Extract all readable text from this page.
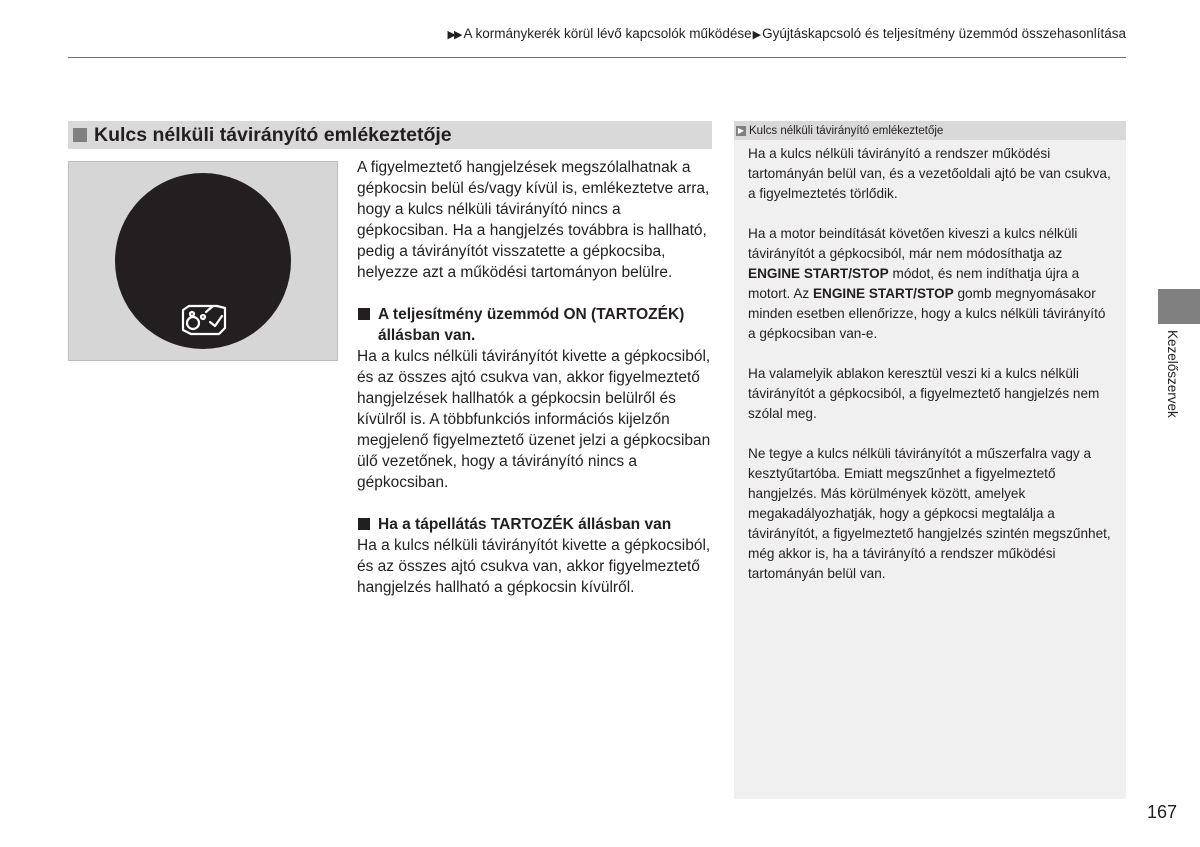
▶▶ A kormánykerék körül lévő kapcsolók működése▶Gyújtáskapcsoló és teljesítmény üzemmód összehasonlítása
Kulcs nélküli távirányító emlékeztetője

A figyelmeztető hangjelzések megszólalhatnak a gépkocsin belül és/vagy kívül is, emlékeztetve arra, hogy a kulcs nélküli távirányító nincs a gépkocsiban. Ha a hangjelzés továbbra is hallható, pedig a távirányítót visszatette a gépkocsiba, helyezze azt a működési tartományon belülre.

A teljesítmény üzemmód ON (TARTOZÉK) állásban van.

Ha a kulcs nélküli távirányítót kivette a gépkocsiból, és az összes ajtó csukva van, akkor figyelmeztető hangjelzések hallhatók a gépkocsin belülről és kívülről is. A többfunkciós információs kijelzőn megjelenő figyelmeztető üzenet jelzi a gépkocsiban ülő vezetőnek, hogy a távirányító nincs a gépkocsiban.

Ha a tápellátás TARTOZÉK állásban van

Ha a kulcs nélküli távirányítót kivette a gépkocsiból, és az összes ajtó csukva van, akkor figyelmeztető hangjelzés hallható a gépkocsin kívülről.

▶ Kulcs nélküli távirányító emlékeztetője

Ha a kulcs nélküli távirányító a rendszer működési tartományán belül van, és a vezetőoldali ajtó be van csukva, a figyelmeztetés törlődik.

Ha a motor beindítását követően kiveszi a kulcs nélküli távirányítót a gépkocsiból, már nem módosíthatja az ENGINE START/STOP módot, és nem indíthatja újra a motort. Az ENGINE START/STOP gomb megnyomásakor minden esetben ellenőrizze, hogy a kulcs nélküli távirányító a gépkocsiban van-e.

Ha valamelyik ablakon keresztül veszi ki a kulcs nélküli távirányítót a gépkocsiból, a figyelmeztető hangjelzés nem szólal meg.

Ne tegye a kulcs nélküli távirányítót a műszerfalra vagy a kesztyűtartóba. Emiatt megszűnhet a figyelmeztető hangjelzés. Más körülmények között, amelyek megakadályozhatják, hogy a gépkocsi megtalálja a távirányítót, a figyelmeztető hangjelzés szintén megszűnhet, még akkor is, ha a távirányító a rendszer működési tartományán belül van.

Kezelőszervek
167
